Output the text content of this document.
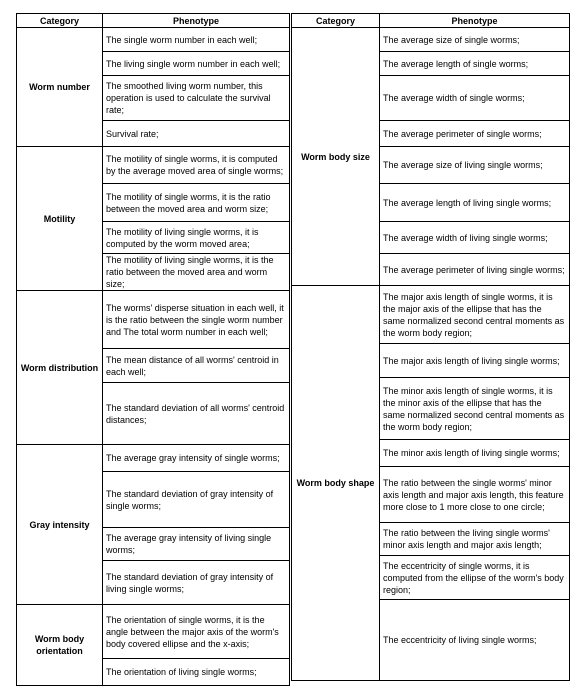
Category	Phenotype
Worm number	The single worm number in each well;
	The living single worm number in each well;
	The smoothed living worm number, this operation is used to calculate the survival rate;
	Survival rate;
Motility	The motility of single worms, it is computed by the average moved area of single worms;
	The motility of single worms, it is the ratio between the moved area and worm size;
	The motility of living single worms, it is computed by the worm moved area;
	The motility of living single worms, it is the ratio between the moved area and worm size;
Worm distribution	The worms' disperse situation in each well, it is the ratio between the single worm number and The total worm number in each well;
	The mean distance of all worms' centroid in each well;
	The standard deviation of all worms' centroid distances;
Gray intensity	The average gray intensity of single worms;
	The standard deviation of gray intensity of single worms;
	The average gray intensity of living single worms;
	The standard deviation of gray intensity of living single worms;
Worm body orientation	The orientation of single worms, it is the angle between the major axis of the worm's body covered ellipse and the x-axis;
	The orientation of living single worms;
Category	Phenotype
Worm body size	The average size of single worms;
	The average length of single worms;
	The average width of single worms;
	The average perimeter of single worms;
	The average size of living single worms;
	The average length of living single worms;
	The average width of living single worms;
	The average perimeter of living single worms;
Worm body shape	The major axis length of single worms, it is the major axis of the ellipse that has the same normalized second central moments as the worm body region;
	The major axis length of living single worms;
	The minor axis length of single worms, it is the minor axis of the ellipse that has the same normalized second central moments as the worm body region;
	The minor axis length of living single worms;
	The ratio between the single worms' minor axis length and major axis length, this feature more close to 1 more close to one circle;
	The ratio between the living single worms' minor axis length and major axis length;
	The eccentricity of single worms, it is computed from the ellipse of the worm's body region;
	The eccentricity of living single worms;
